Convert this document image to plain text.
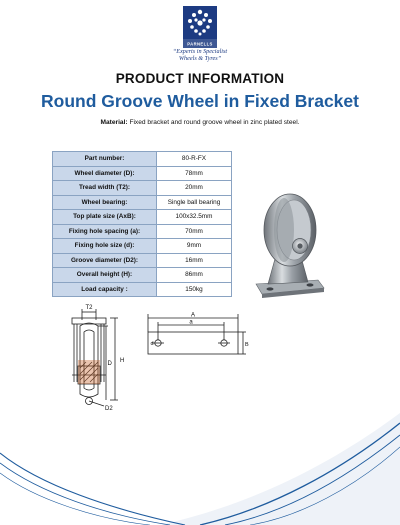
PARNELLS
“Experts in Specialist
Wheels & Tyres”
PRODUCT INFORMATION
Round Groove Wheel in Fixed Bracket
Material: Fixed bracket and round groove wheel in zinc plated steel.
Part number:	80-R-FX
Wheel diameter (D):	78mm
Tread width (T2):	20mm
Wheel bearing:	Single ball bearing
Top plate size (AxB):	100x32.5mm
Fixing hole spacing (a):	70mm
Fixing hole size (d):	9mm
Groove diameter (D2):	16mm
Overall height (H):	86mm
Load capacity :	150kg
T2
H
D
D2
A
a
d	B
